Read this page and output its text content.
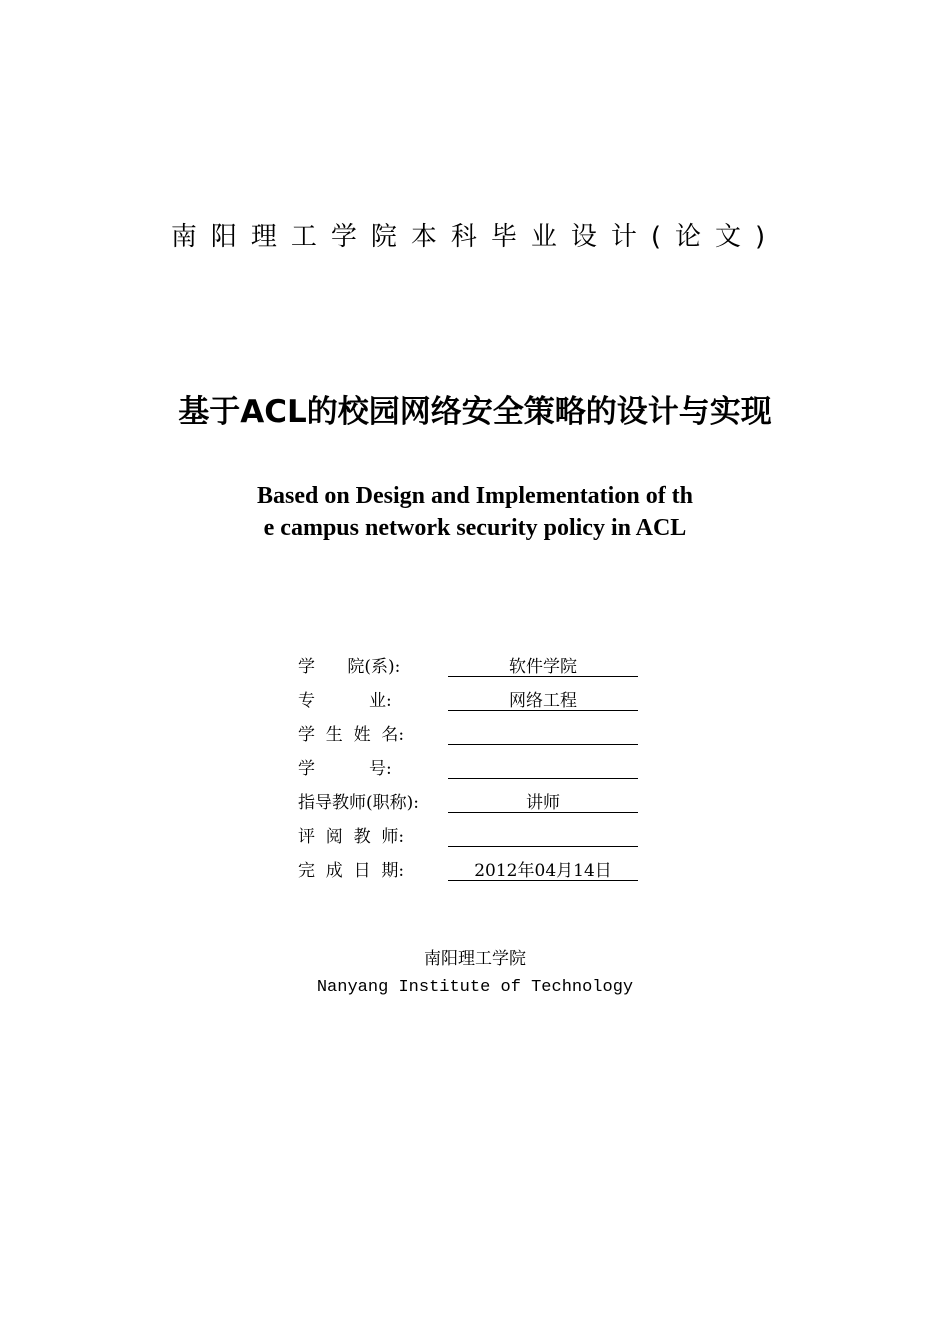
南阳理工学院本科毕业设计(论文)
基于ACL的校园网络安全策略的设计与实现
Based on Design and Implementation of th
e campus network security policy in ACL
学      院(系):	软件学院
专          业:	网络工程
学  生  姓  名:
学          号:
指导教师(职称):	讲师
评  阅  教  师:
完  成  日  期:	2012年04月14日
南阳理工学院
Nanyang Institute of Technology
